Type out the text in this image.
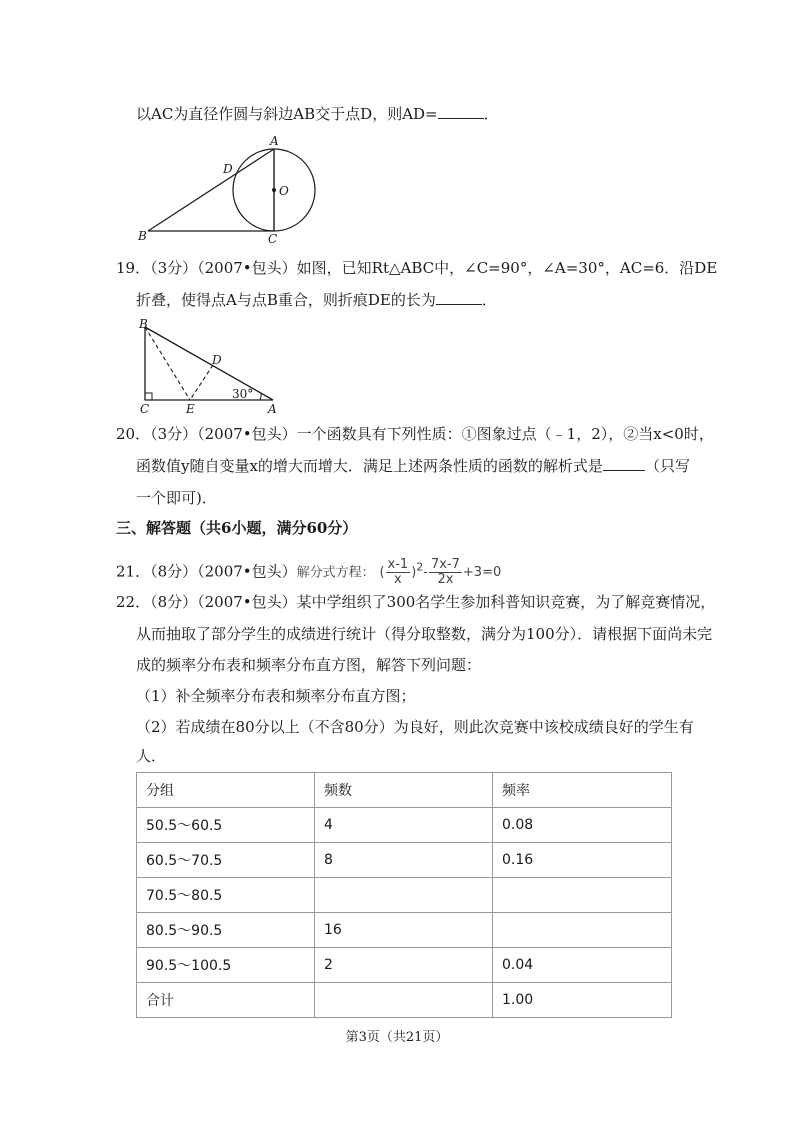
以AC为直径作圆与斜边AB交于点D，则AD=	．
A
D
O
B	C
19．（3分）（2007•包头）如图，已知Rt△ABC中，∠C=90°，∠A=30°，AC=6．沿DE
折叠，使得点A与点B重合，则折痕DE的长为	．
B
D
30°
C	E	A
20．（3分）（2007•包头）一个函数具有下列性质：①图象过点（﹣1，2），②当x<0时，
函数值y随自变量x的增大而增大．满足上述两条性质的函数的解析式是	（只写
一个即可)．
三、解答题（共6小题，满分60分）
21．（8分）（2007•包头）解分式方程： ( $\frac{x-1}{x} )^2- \frac{7x-7}{2x} +3=0$
22．（8分）（2007•包头）某中学组织了300名学生参加科普知识竞赛，为了解竞赛情况，
从而抽取了部分学生的成绩进行统计（得分取整数，满分为100分）．请根据下面尚未完
成的频率分布表和频率分布直方图，解答下列问题：
（1）补全频率分布表和频率分布直方图；
（2）若成绩在80分以上（不含80分）为良好，则此次竞赛中该校成绩良好的学生有
人．
分组	频数	频率
50.5～60.5	4	0.08
60.5～70.5	8	0.16
70.5～80.5		
80.5～90.5	16	
90.5～100.5	2	0.04
合计		1.00
第3页（共21页）
